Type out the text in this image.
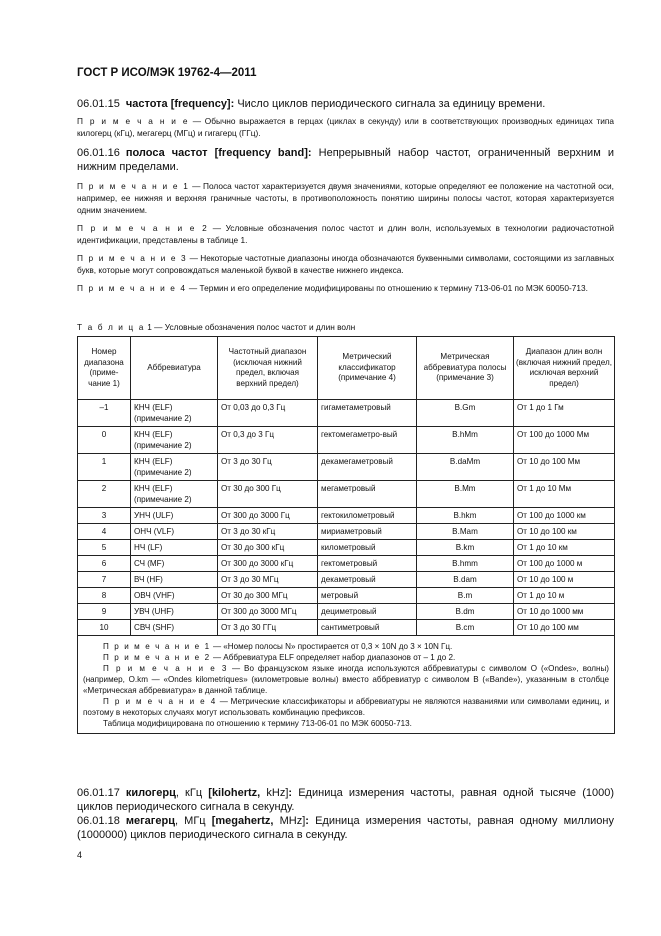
ГОСТ Р ИСО/МЭК 19762-4—2011
06.01.15 частота [frequency]: Число циклов периодического сигнала за единицу времени.
П р и м е ч а н и е — Обычно выражается в герцах (циклах в секунду) или в соответствующих производных единицах типа килогерц (кГц), мегагерц (МГц) и гигагерц (ГГц).
06.01.16 полоса частот [frequency band]: Непрерывный набор частот, ограниченный верхним и нижним пределами.
П р и м е ч а н и е 1 — Полоса частот характеризуется двумя значениями, которые определяют ее положение на частотной оси, например, ее нижняя и верхняя граничные частоты, в противоположность понятию ширины полосы частот, которая характеризуется одним значением.
П р и м е ч а н и е 2 — Условные обозначения полос частот и длин волн, используемых в технологии радиочастотной идентификации, представлены в таблице 1.
П р и м е ч а н и е 3 — Некоторые частотные диапазоны иногда обозначаются буквенными символами, состоящими из заглавных букв, которые могут сопровождаться маленькой буквой в качестве нижнего индекса.
П р и м е ч а н и е 4 — Термин и его определение модифицированы по отношению к термину 713-06-01 по МЭК 60050-713.
Т а б л и ц а 1 — Условные обозначения полос частот и длин волн
Номер диапазона (приме-чание 1)	Аббревиатура	Частотный диапазон (исключая нижний предел, включая верхний предел)	Метрический классификатор (примечание 4)	Метрическая аббревиатура полосы (примечание 3)	Диапазон длин волн (включая нижний предел, исключая верхний предел)
–1	КНЧ (ELF) (примечание 2)	От 0,03 до 0,3 Гц	гигаметаметровый	B.Gm	От 1 до 1 Гм
0	КНЧ (ELF) (примечание 2)	От 0,3 до 3 Гц	гектомегаметро-вый	B.hMm	От 100 до 1000 Мм
1	КНЧ (ELF) (примечание 2)	От 3 до 30 Гц	декамегаметровый	B.daMm	От 10 до 100 Мм
2	КНЧ (ELF) (примечание 2)	От 30 до 300 Гц	мегаметровый	B.Mm	От 1 до 10 Мм
3	УНЧ (ULF)	От 300 до 3000 Гц	гектокилометровый	B.hkm	От 100 до 1000 км
4	ОНЧ (VLF)	От 3 до 30 кГц	мириаметровый	B.Mam	От 10 до 100 км
5	НЧ (LF)	От 30 до 300 кГц	километровый	B.km	От 1 до 10 км
6	СЧ (MF)	От 300 до 3000 кГц	гектометровый	B.hmm	От 100 до 1000 м
7	ВЧ (HF)	От 3 до 30 МГц	декаметровый	B.dam	От 10 до 100 м
8	ОВЧ (VHF)	От 30 до 300 МГц	метровый	B.m	От 1 до 10 м
9	УВЧ (UHF)	От 300 до 3000 МГц	дециметровый	B.dm	От 10 до 1000 мм
10	СВЧ (SHF)	От 3 до 30 ГГц	сантиметровый	B.cm	От 10 до 100 мм

П р и м е ч а н и е 1 — «Номер полосы N» простирается от 0,3 × 10N до 3 × 10N Гц.
П р и м е ч а н и е 2 — Аббревиатура ELF определяет набор диапазонов от – 1 до 2.
П р и м е ч а н и е 3 — Во французском языке иногда используются аббревиатуры с символом O («Ondes», волны) (например, O.km — «Ondes kilometriques» (километровые волны) вместо аббревиатур с символом B («Bande»), указанным в столбце «Метрическая аббревиатура» в данной таблице.
П р и м е ч а н и е 4 — Метрические классификаторы и аббревиатуры не являются названиями или символами единиц, и поэтому в некоторых случаях могут использовать комбинацию префиксов.
Таблица модифицирована по отношению к термину 713-06-01 по МЭК 60050-713.					
06.01.17 килогерц, кГц [kilohertz, kHz]: Единица измерения частоты, равная одной тысяче (1000) циклов периодического сигнала в секунду.
06.01.18 мегагерц, МГц [megahertz, MHz]: Единица измерения частоты, равная одному миллиону (1000000) циклов периодического сигнала в секунду.
4
